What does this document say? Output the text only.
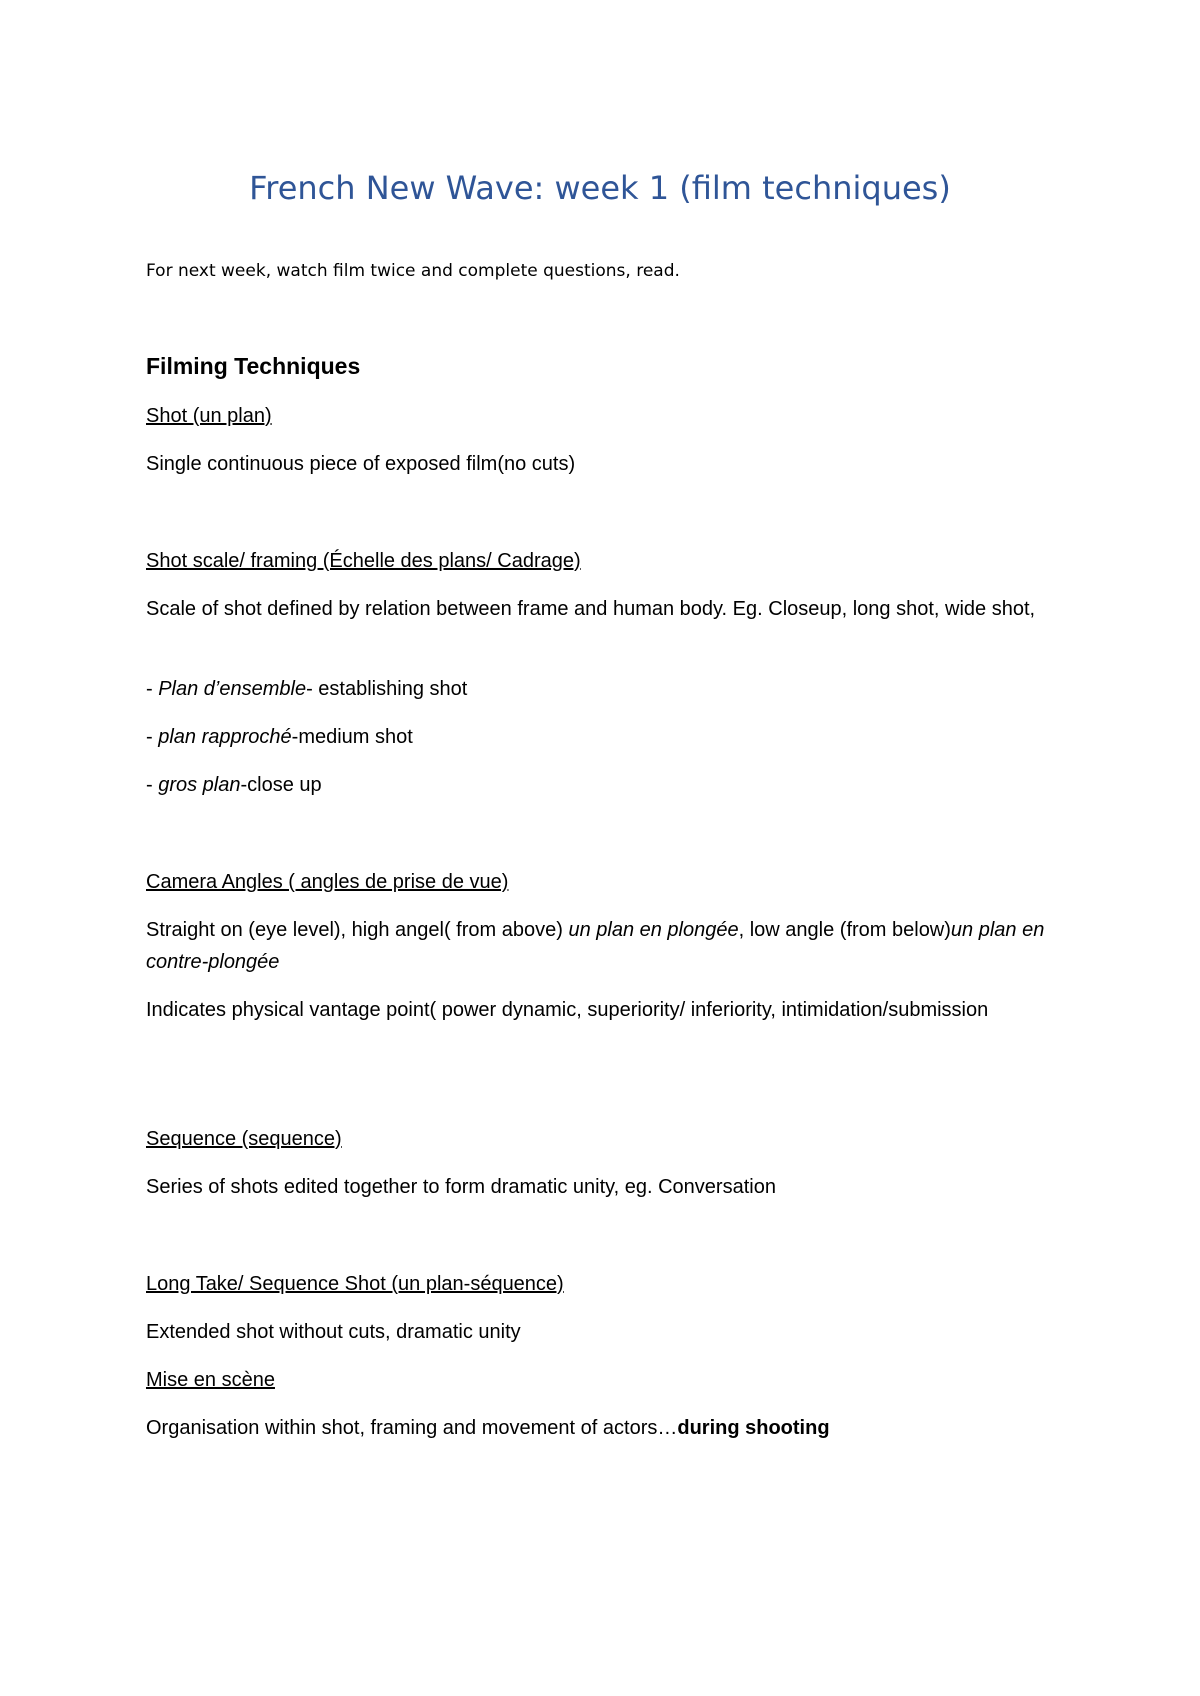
French New Wave: week 1 (film techniques)

For next week, watch film twice and complete questions, read.

Filming Techniques
Shot (un plan)
Single continuous piece of exposed film(no cuts)
Shot scale/ framing (Échelle des plans/ Cadrage)
Scale of shot defined by relation between frame and human body. Eg. Closeup, long shot, wide shot,
- Plan d’ensemble- establishing shot
- plan rapproché-medium shot
- gros plan-close up
Camera Angles ( angles de prise de vue)
Straight on (eye level), high angel( from above) un plan en plongée, low angle (from below)un plan en contre-plongée
Indicates physical vantage point( power dynamic, superiority/ inferiority, intimidation/submission
Sequence (sequence)
Series of shots edited together to form dramatic unity, eg. Conversation
Long Take/ Sequence Shot (un plan-séquence)
Extended shot without cuts, dramatic unity
Mise en scène
Organisation within shot, framing and movement of actors…during shooting
